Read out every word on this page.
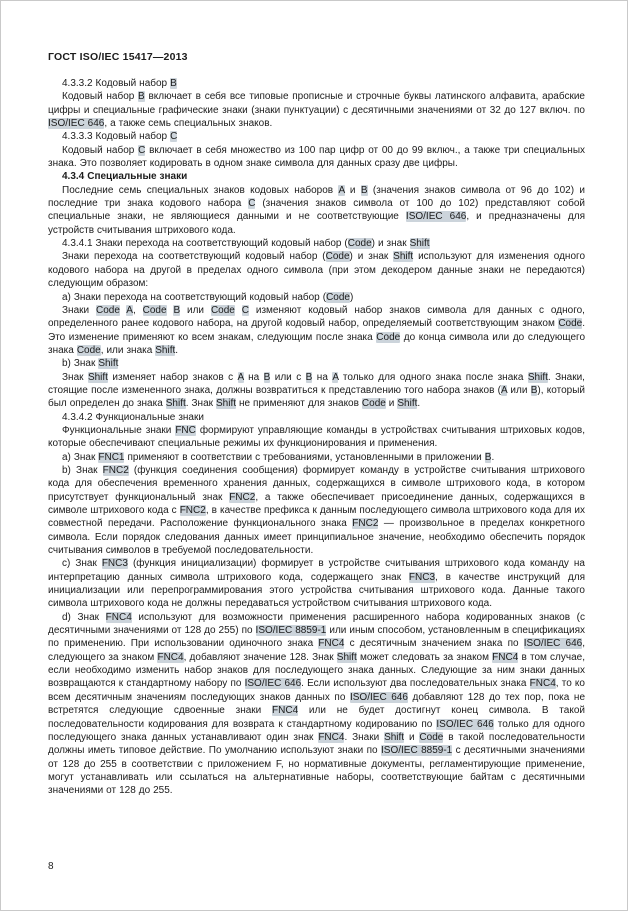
ГОСТ ISO/IEC 15417—2013

4.3.3.2 Кодовый набор B

Кодовый набор B включает в себя все типовые прописные и строчные буквы латинского алфавита, арабские цифры и специальные графические знаки (знаки пунктуации) с десятичными значениями от 32 до 127 включ. по ISO/IEC 646, а также семь специальных знаков.

4.3.3.3 Кодовый набор C

Кодовый набор C включает в себя множество из 100 пар цифр от 00 до 99 включ., а также три специальных знака. Это позволяет кодировать в одном знаке символа для данных сразу две цифры.

4.3.4 Специальные знаки

Последние семь специальных знаков кодовых наборов A и B (значения знаков символа от 96 до 102) и последние три знака кодового набора C (значения знаков символа от 100 до 102) представляют собой специальные знаки, не являющиеся данными и не соответствующие ISO/IEC 646, и предназначены для устройств считывания штрихового кода.

4.3.4.1 Знаки перехода на соответствующий кодовый набор (Code) и знак Shift

Знаки перехода на соответствующий кодовый набор (Code) и знак Shift используют для изменения одного кодового набора на другой в пределах одного символа (при этом декодером данные знаки не передаются) следующим образом:

a) Знаки перехода на соответствующий кодовый набор (Code)

Знаки Code A, Code B или Code C изменяют кодовый набор знаков символа для данных с одного, определенного ранее кодового набора, на другой кодовый набор, определяемый соответствующим знаком Code. Это изменение применяют ко всем знакам, следующим после знака Code до конца символа или до следующего знака Code, или знака Shift.

b) Знак Shift

Знак Shift изменяет набор знаков с A на B или с B на A только для одного знака после знака Shift. Знаки, стоящие после измененного знака, должны возвратиться к представлению того набора знаков (A или B), который был определен до знака Shift. Знак Shift не применяют для знаков Code и Shift.

4.3.4.2 Функциональные знаки

Функциональные знаки FNC формируют управляющие команды в устройствах считывания штриховых кодов, которые обеспечивают специальные режимы их функционирования и применения.

a) Знак FNC1 применяют в соответствии с требованиями, установленными в приложении B.

b) Знак FNC2 (функция соединения сообщения) формирует команду в устройстве считывания штрихового кода для обеспечения временного хранения данных, содержащихся в символе штрихового кода, в котором присутствует функциональный знак FNC2, а также обеспечивает присоединение данных, содержащихся в символе штрихового кода с FNC2, в качестве префикса к данным последующего символа штрихового кода для их совместной передачи. Расположение функционального знака FNC2 — произвольное в пределах конкретного символа. Если порядок следования данных имеет принципиальное значение, необходимо обеспечить порядок считывания символов в требуемой последовательности.

c) Знак FNC3 (функция инициализации) формирует в устройстве считывания штрихового кода команду на интерпретацию данных символа штрихового кода, содержащего знак FNC3, в качестве инструкций для инициализации или перепрограммирования этого устройства считывания штрихового кода. Данные такого символа штрихового кода не должны передаваться устройством считывания штрихового кода.

d) Знак FNC4 используют для возможности применения расширенного набора кодированных знаков (с десятичными значениями от 128 до 255) по ISO/IEC 8859-1 или иным способом, установленным в спецификациях по применению. При использовании одиночного знака FNC4 с десятичным значением знака по ISO/IEC 646, следующего за знаком FNC4, добавляют значение 128. Знак Shift может следовать за знаком FNC4 в том случае, если необходимо изменить набор знаков для последующего знака данных. Следующие за ним знаки данных возвращаются к стандартному набору по ISO/IEC 646. Если используют два последовательных знака FNC4, то ко всем десятичным значениям последующих знаков данных по ISO/IEC 646 добавляют 128 до тех пор, пока не встретятся следующие сдвоенные знаки FNC4 или не будет достигнут конец символа. В такой последовательности кодирования для возврата к стандартному кодированию по ISO/IEC 646 только для одного последующего знака данных устанавливают один знак FNC4. Знаки Shift и Code в такой последовательности должны иметь типовое действие. По умолчанию используют знаки по ISO/IEC 8859-1 с десятичными значениями от 128 до 255 в соответствии с приложением F, но нормативные документы, регламентирующие применение, могут устанавливать или ссылаться на альтернативные наборы, соответствующие байтам с десятичными значениями от 128 до 255.

8
